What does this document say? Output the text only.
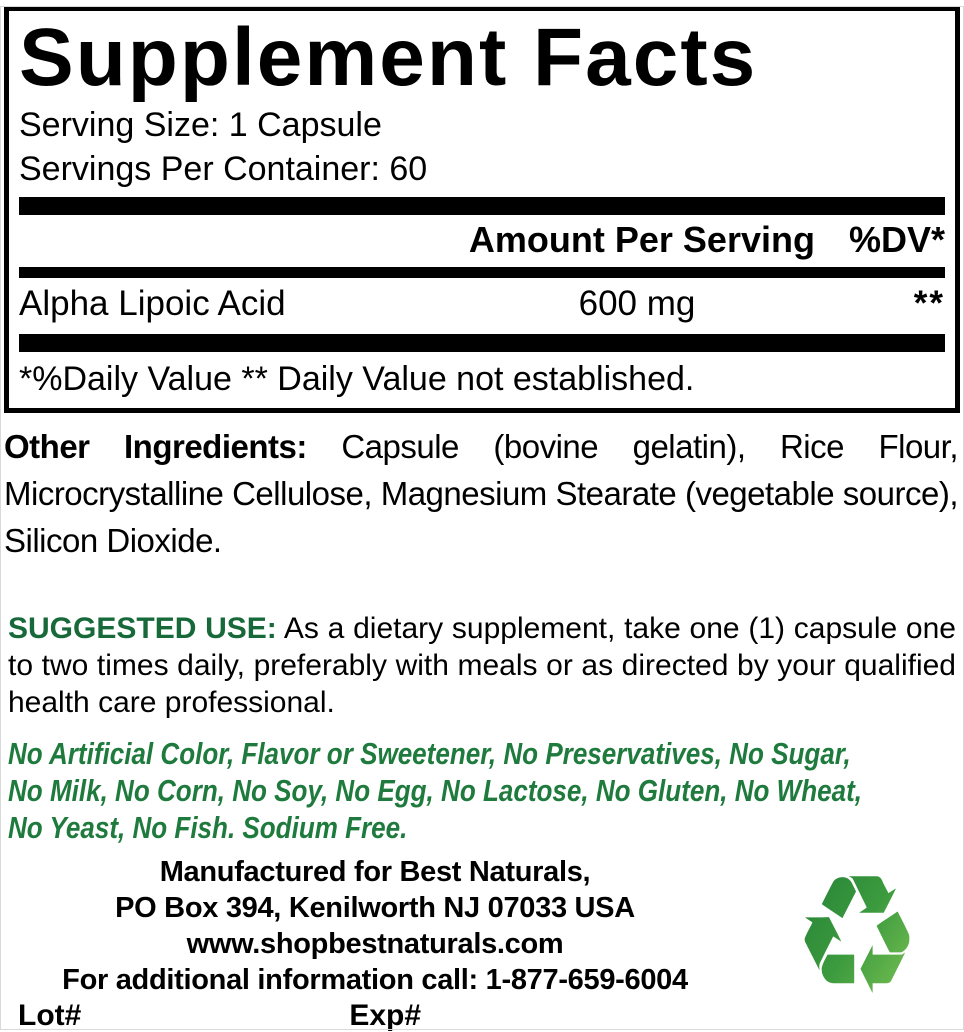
Supplement Facts
Serving Size: 1 Capsule
Servings Per Container: 60
Amount Per Serving %DV*
Alpha Lipoic Acid	600 mg	**
*%Daily Value ** Daily Value not established.
Other Ingredients: Capsule (bovine gelatin), Rice Flour, Microcrystalline Cellulose, Magnesium Stearate (vegetable source), Silicon Dioxide.
SUGGESTED USE: As a dietary supplement, take one (1) capsule one to two times daily, preferably with meals or as directed by your qualified health care professional.
No Artificial Color, Flavor or Sweetener, No Preservatives, No Sugar,
No Milk, No Corn, No Soy, No Egg, No Lactose, No Gluten, No Wheat,
No Yeast, No Fish. Sodium Free.
Manufactured for Best Naturals,
PO Box 394, Kenilworth NJ 07033 USA
www.shopbestnaturals.com
For additional information call: 1-877-659-6004
Lot#	Exp#	♻
